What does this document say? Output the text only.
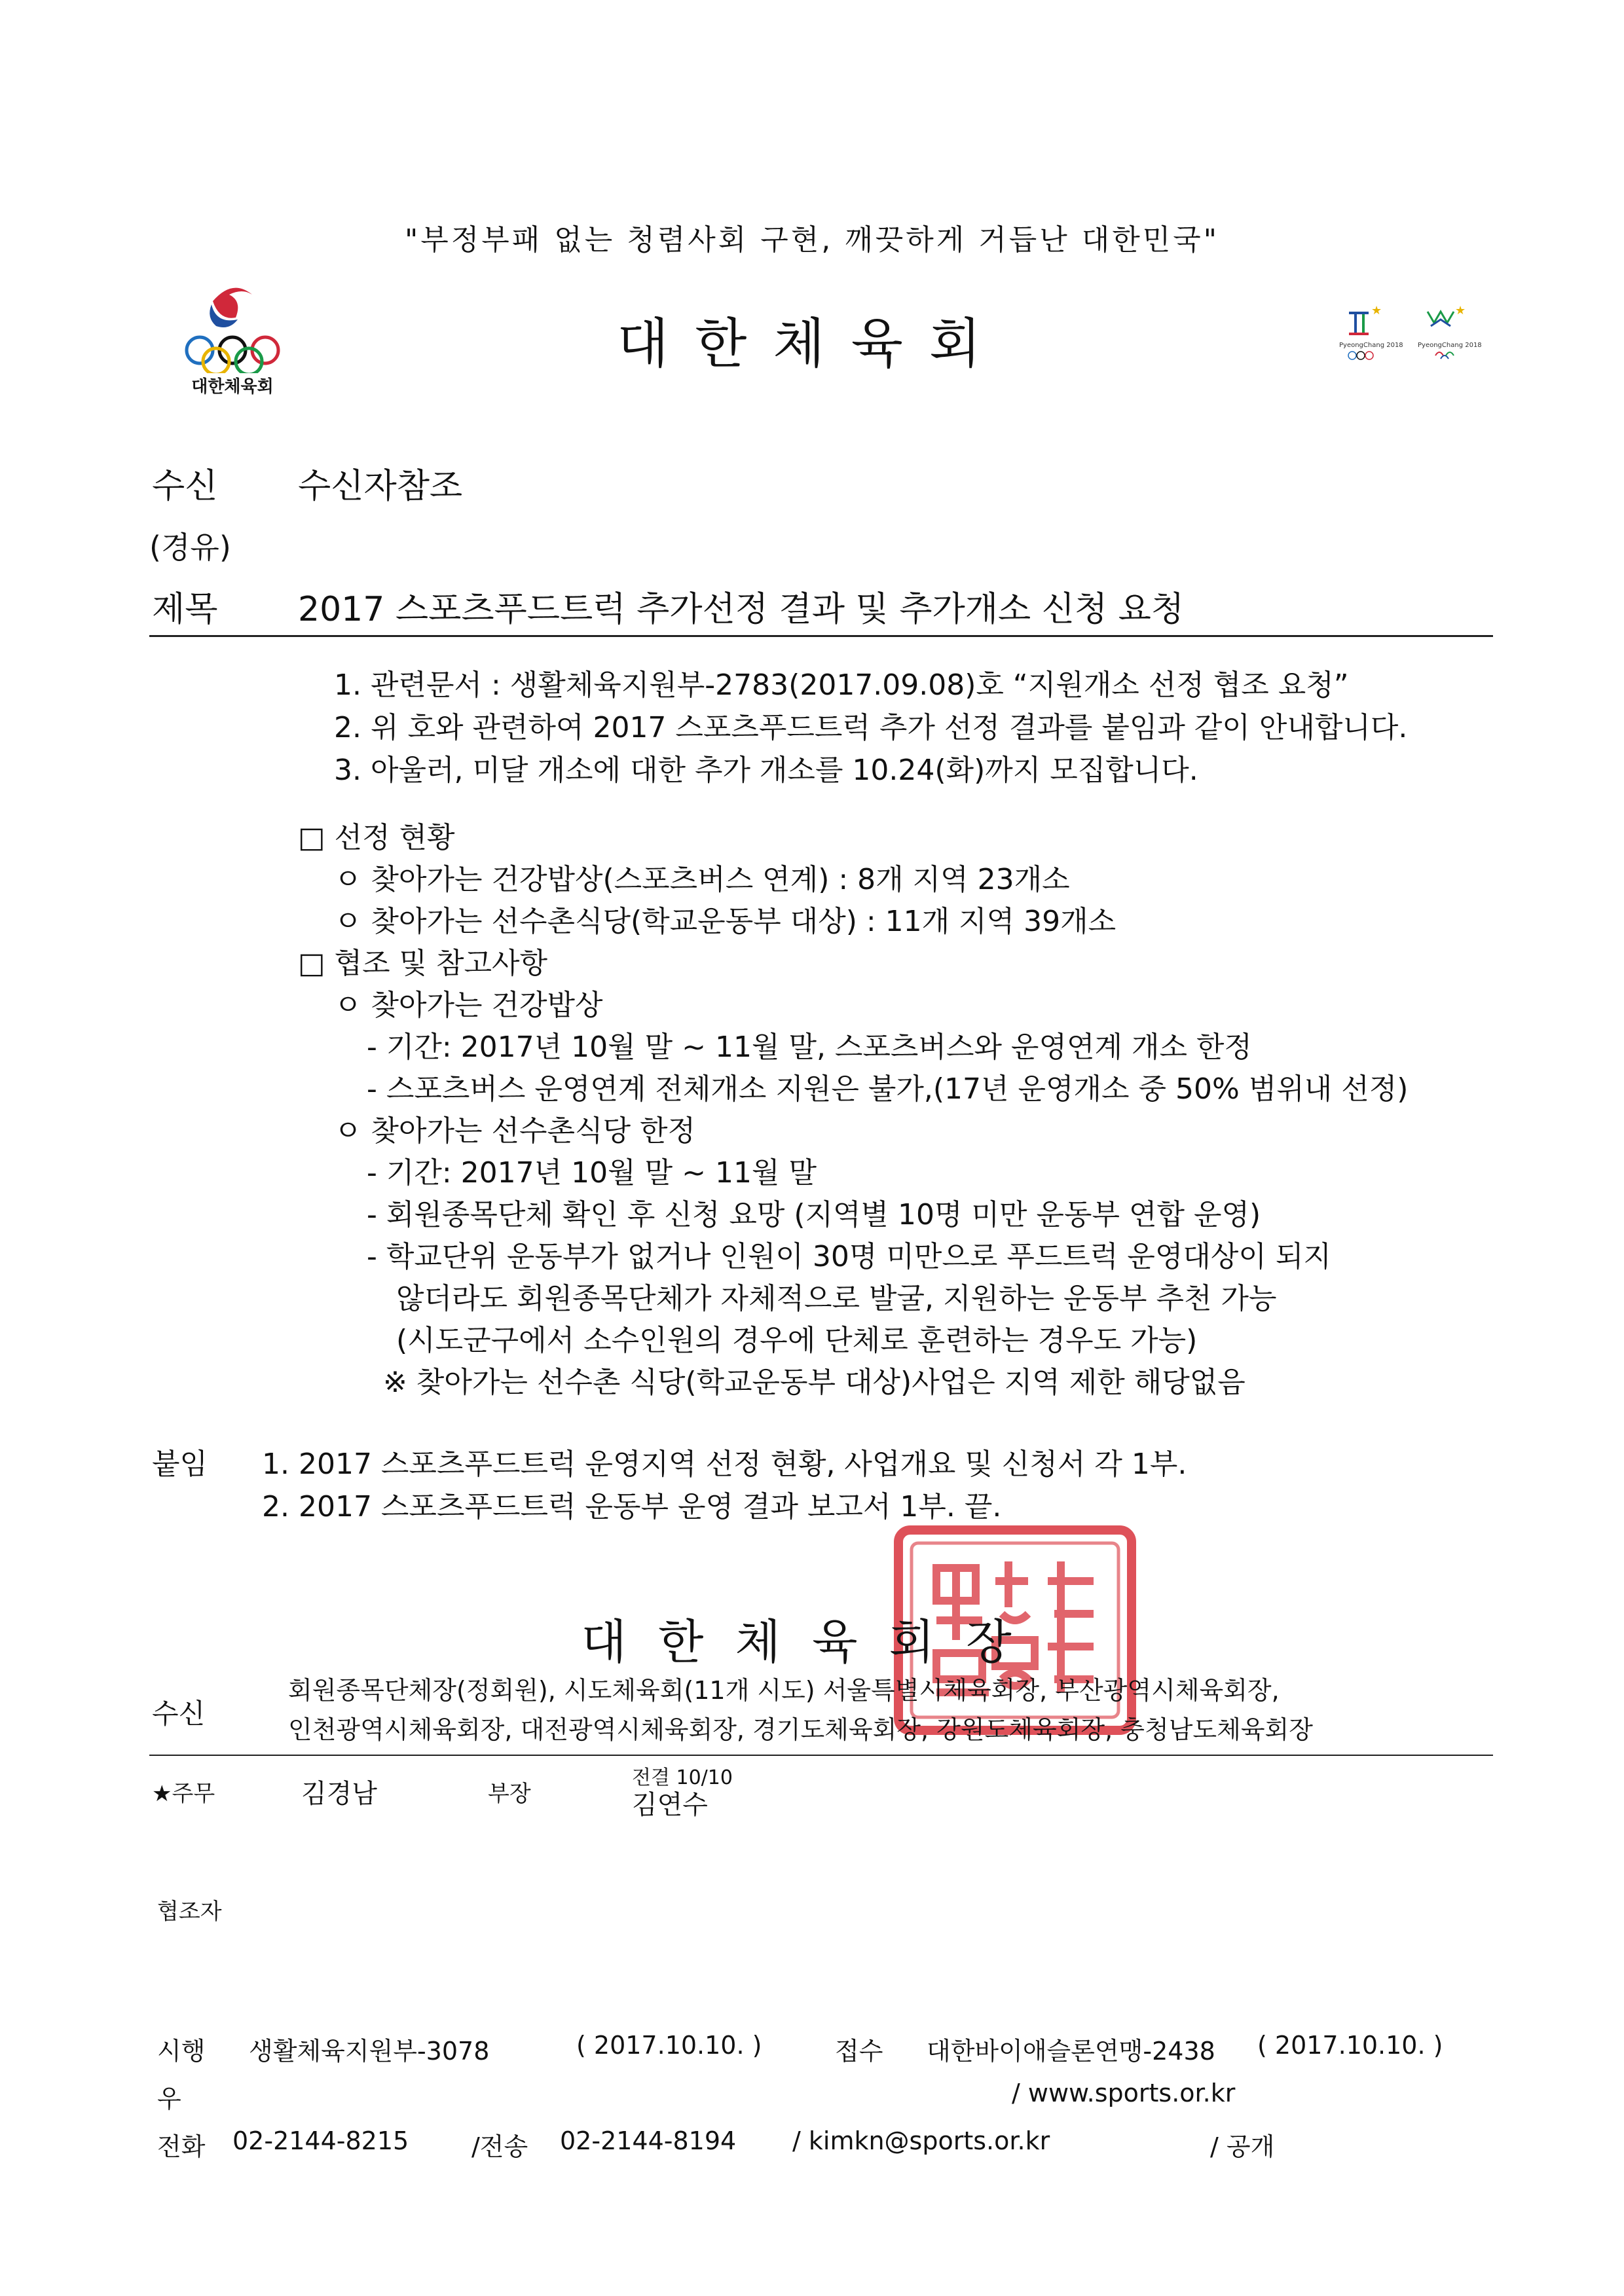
"부정부패 없는 청렴사회 구현, 깨끗하게 거듭난 대한민국"
대한체육회
대한체육회
★
PyeongChang 2018
★
PyeongChang 2018
수신 수신자참조
(경유)
제목 2017 스포츠푸드트럭 추가선정 결과 및 추가개소 신청 요청
1. 관련문서 : 생활체육지원부-2783(2017.09.08)호 “지원개소 선정 협조 요청”
2. 위 호와 관련하여 2017 스포츠푸드트럭 추가 선정 결과를 붙임과 같이 안내합니다.
3. 아울러, 미달 개소에 대한 추가 개소를 10.24(화)까지 모집합니다.
□ 선정 현황
ㅇ 찾아가는 건강밥상(스포츠버스 연계) : 8개 지역 23개소
ㅇ 찾아가는 선수촌식당(학교운동부 대상) : 11개 지역 39개소
□ 협조 및 참고사항
ㅇ 찾아가는 건강밥상
- 기간: 2017년 10월 말 ~ 11월 말, 스포츠버스와 운영연계 개소 한정
- 스포츠버스 운영연계 전체개소 지원은 불가,(17년 운영개소 중 50% 범위내 선정)
ㅇ 찾아가는 선수촌식당 한정
- 기간: 2017년 10월 말 ~ 11월 말
- 회원종목단체 확인 후 신청 요망 (지역별 10명 미만 운동부 연합 운영)
- 학교단위 운동부가 없거나 인원이 30명 미만으로 푸드트럭 운영대상이 되지
않더라도 회원종목단체가 자체적으로 발굴, 지원하는 운동부 추천 가능
(시도군구에서 소수인원의 경우에 단체로 훈련하는 경우도 가능)
※ 찾아가는 선수촌 식당(학교운동부 대상)사업은 지역 제한 해당없음
붙임 1. 2017 스포츠푸드트럭 운영지역 선정 현황, 사업개요 및 신청서 각 1부.
2. 2017 스포츠푸드트럭 운동부 운영 결과 보고서 1부. 끝.
대한체육회장
수신
회원종목단체장(정회원), 시도체육회(11개 시도) 서울특별시체육회장, 부산광역시체육회장,
인천광역시체육회장, 대전광역시체육회장, 경기도체육회장, 강원도체육회장, 충청남도체육회장
★주무	김경남	부장
전결 10/10
김연수
협조자
시행 생활체육지원부-3078	( 2017.10.10. )	접수 대한바이애슬론연맹-2438 ( 2017.10.10. )
우	/ www.sports.or.kr
전화 02-2144-8215	/전송 02-2144-8194 / kimkn@sports.or.kr	/ 공개
